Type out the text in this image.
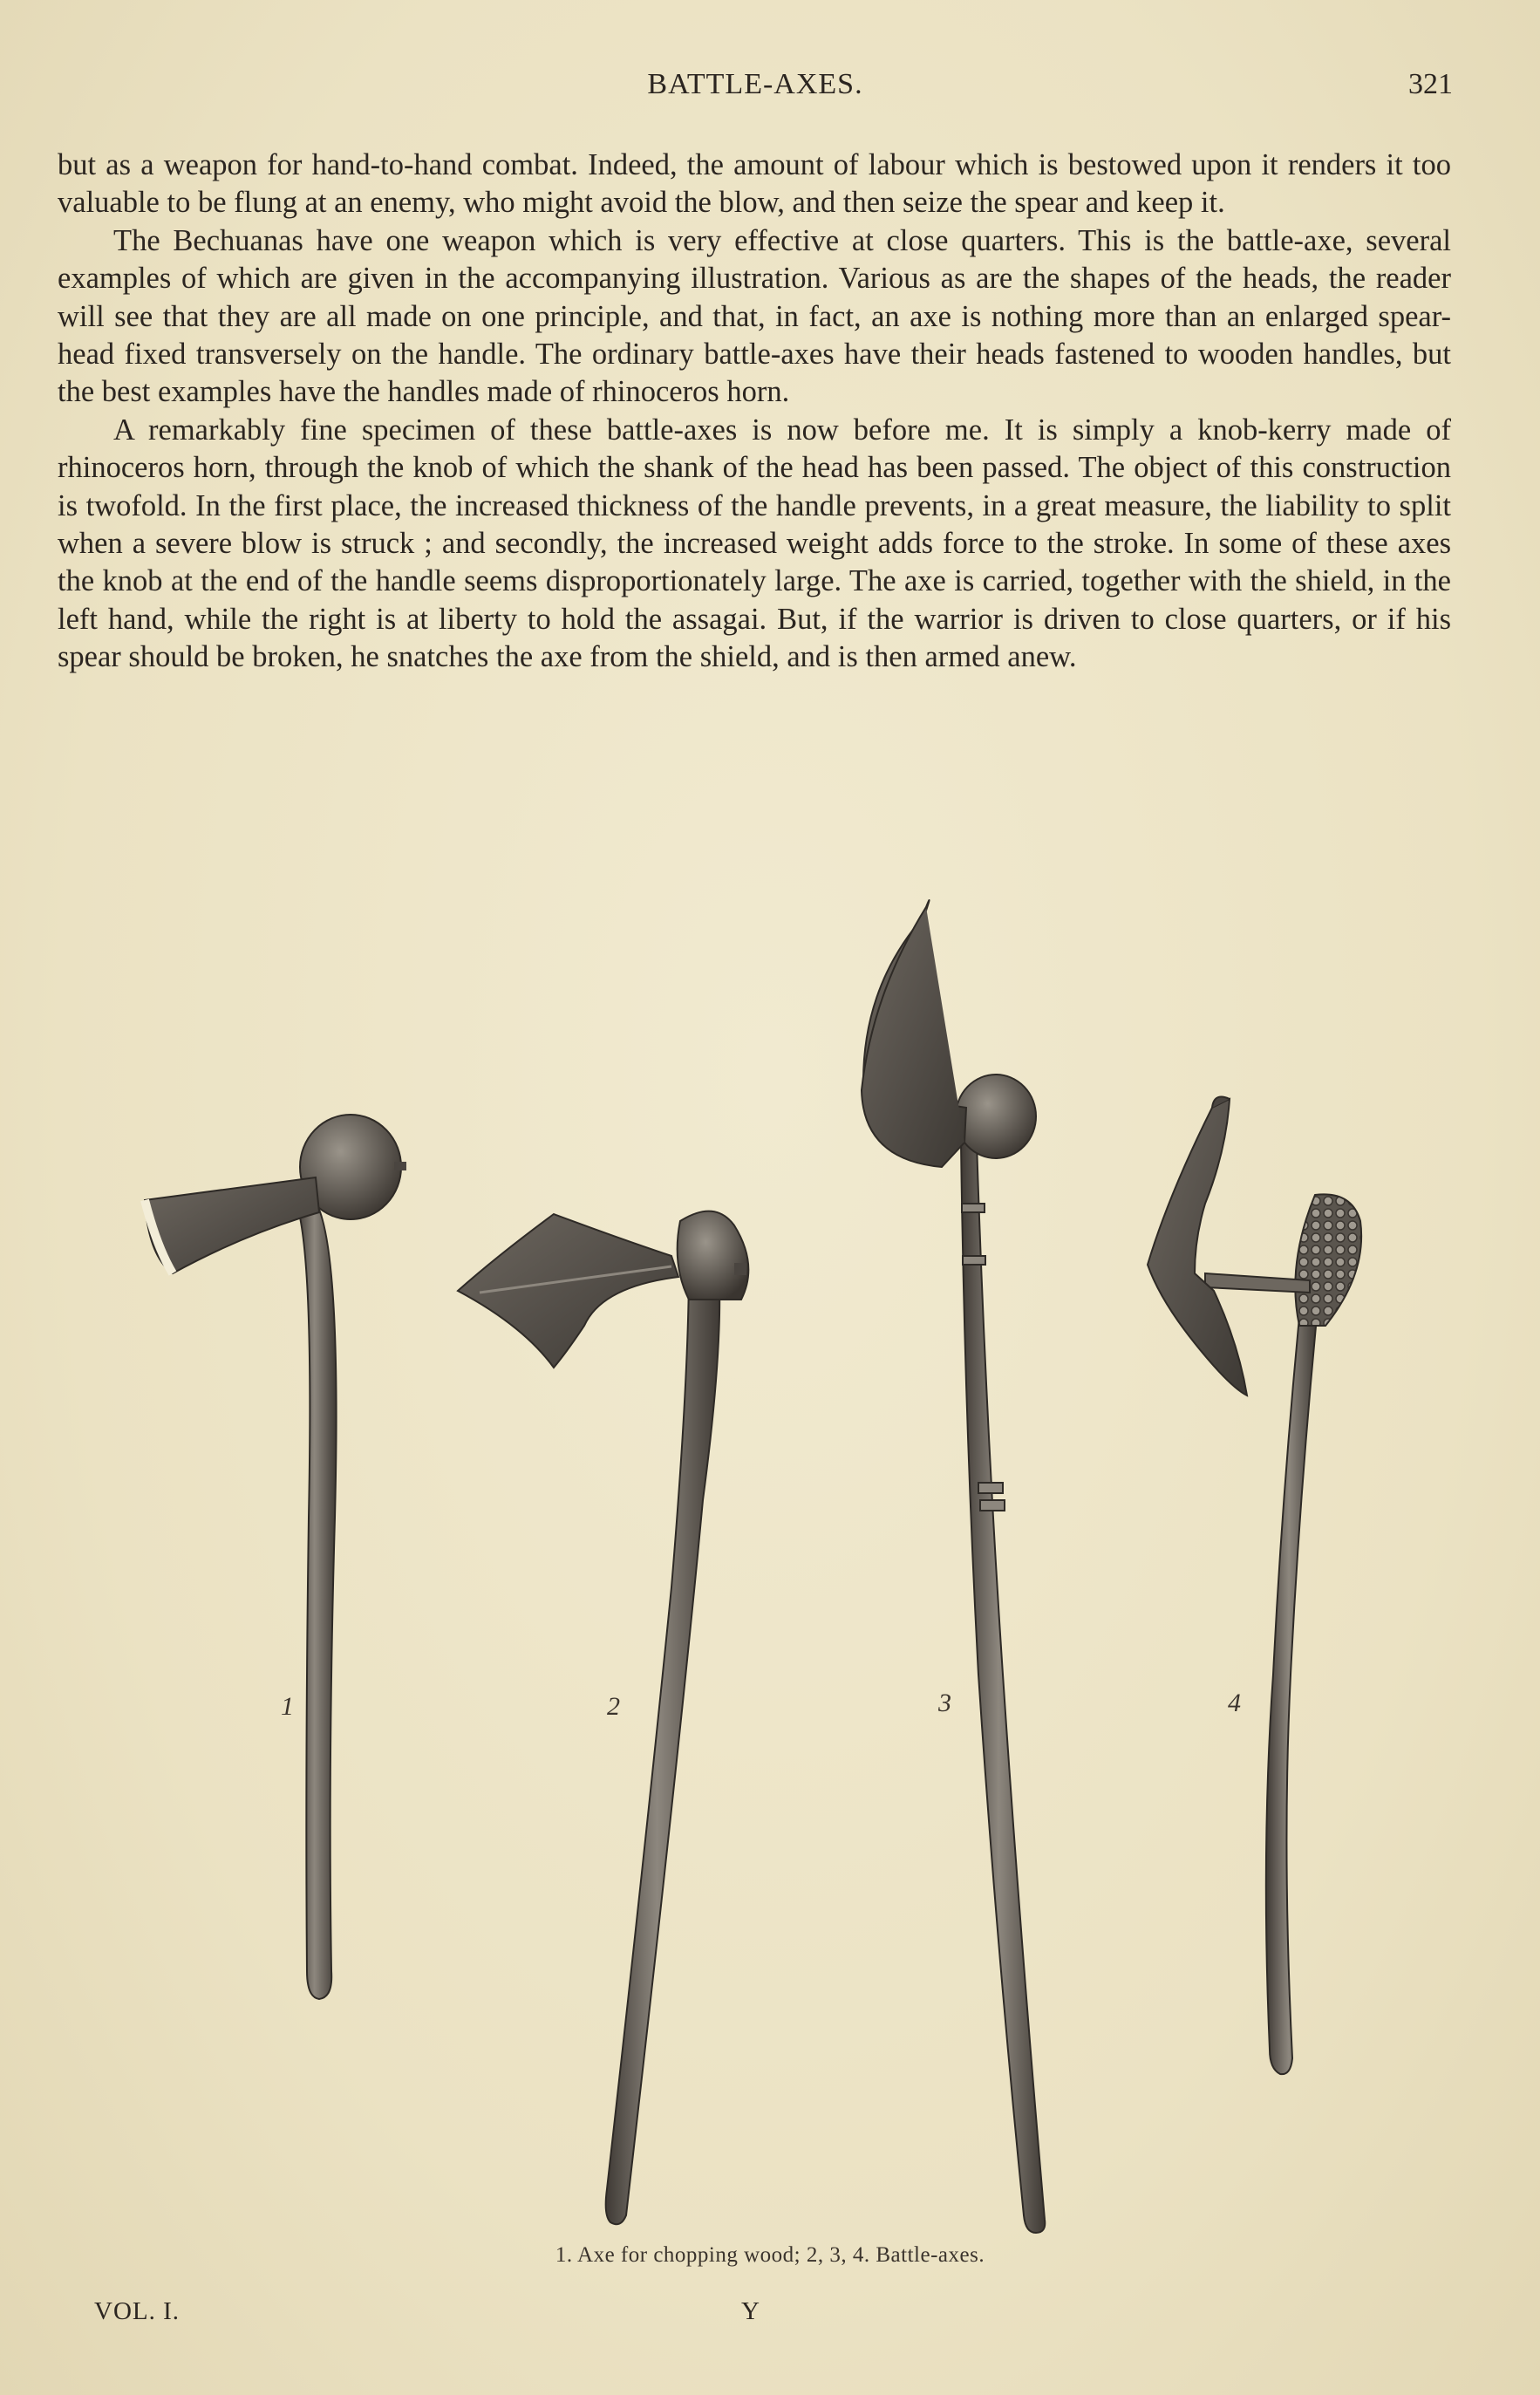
BATTLE-AXES.	321

but as a weapon for hand-to-hand combat. Indeed, the amount of labour which is bestowed upon it renders it too valuable to be flung at an enemy, who might avoid the blow, and then seize the spear and keep it.

The Bechuanas have one weapon which is very effective at close quarters. This is the battle-axe, several examples of which are given in the accompanying illustration. Various as are the shapes of the heads, the reader will see that they are all made on one principle, and that, in fact, an axe is nothing more than an enlarged spear-head fixed transversely on the handle. The ordinary battle-axes have their heads fastened to wooden handles, but the best examples have the handles made of rhinoceros horn.

A remarkably fine specimen of these battle-axes is now before me. It is simply a knob-kerry made of rhinoceros horn, through the knob of which the shank of the head has been passed. The object of this construction is twofold. In the first place, the increased thickness of the handle prevents, in a great measure, the liability to split when a severe blow is struck ; and secondly, the increased weight adds force to the stroke. In some of these axes the knob at the end of the handle seems disproportionately large. The axe is carried, together with the shield, in the left hand, while the right is at liberty to hold the assagai. But, if the warrior is driven to close quarters, or if his spear should be broken, he snatches the axe from the shield, and is then armed anew.

1	2	3	4
1. Axe for chopping wood; 2, 3, 4. Battle-axes.
VOL. I.	Y
